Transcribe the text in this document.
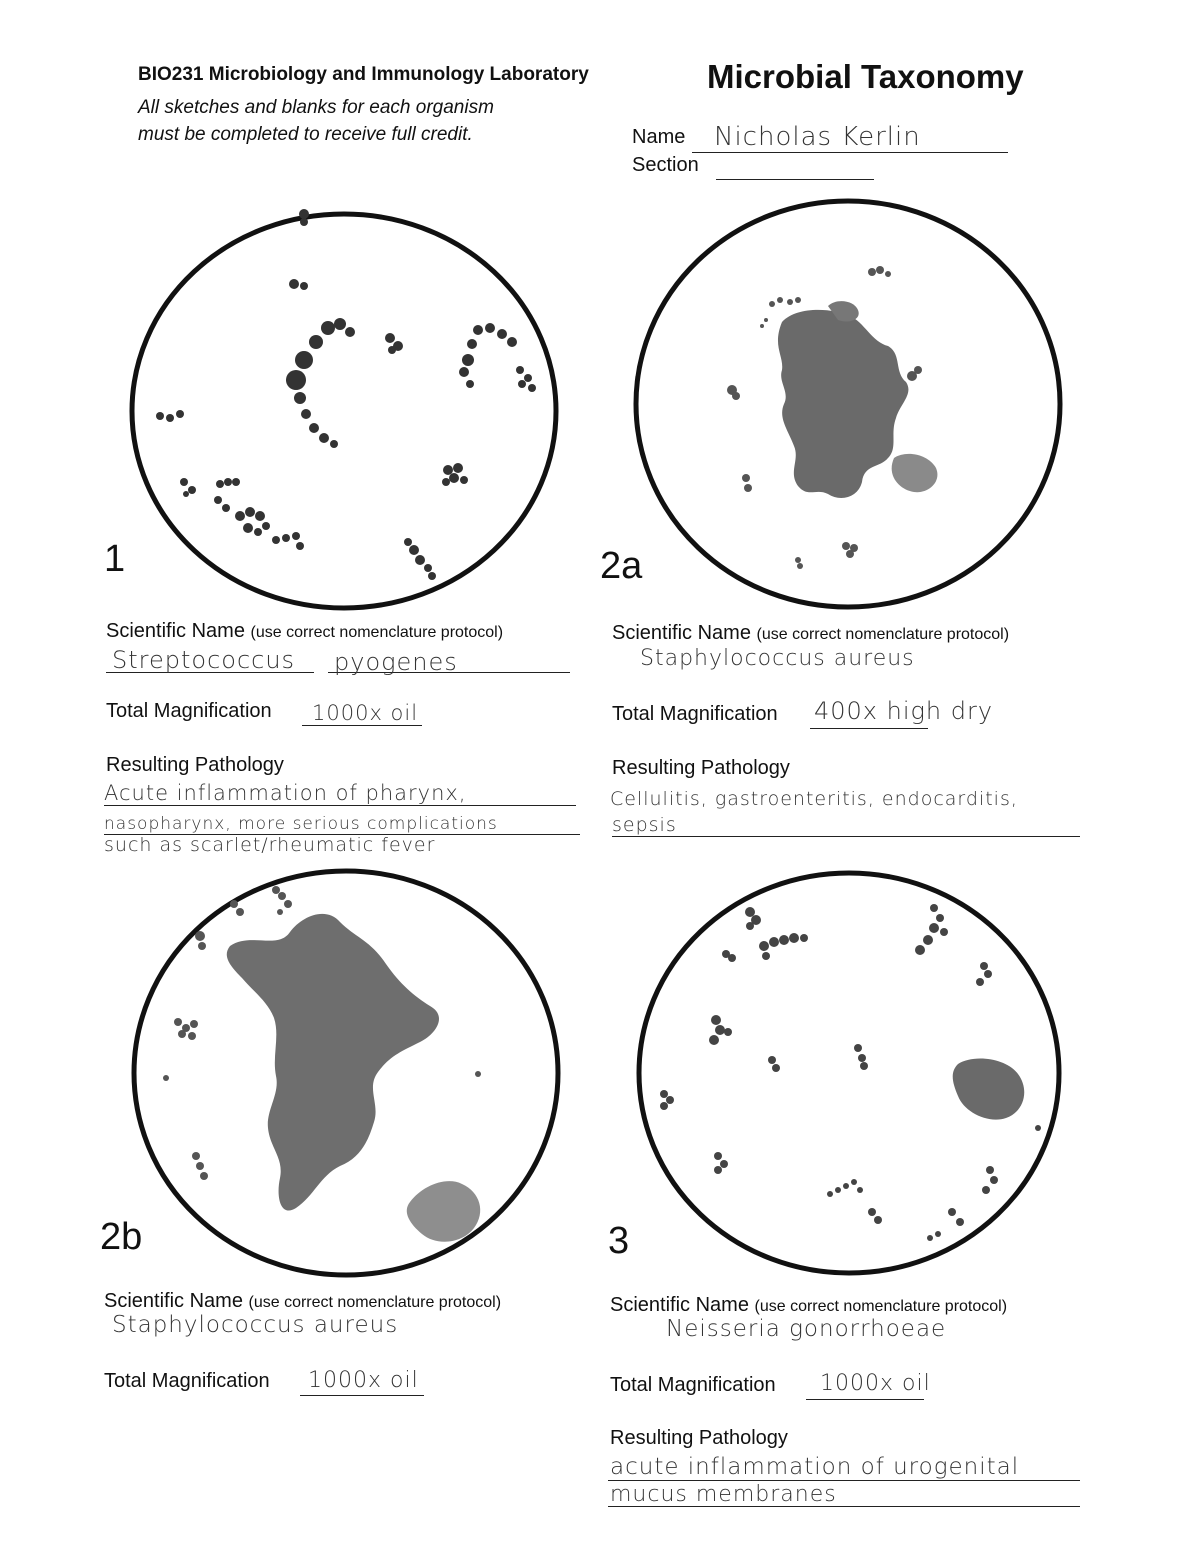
BIO231 Microbiology and Immunology Laboratory	Microbial Taxonomy
All sketches and blanks for each organism
must be completed to receive full credit.	Name Nicholas Kerlin
Section
1
Scientific Name (use correct nomenclature protocol)
Streptococcus pyogenes
Total Magnification 1000x oil
Resulting Pathology
Acute inflammation of pharynx,
nasopharynx, more serious complications
such as scarlet/rheumatic fever
2a
Scientific Name (use correct nomenclature protocol)
Staphylococcus aureus
Total Magnification 400x high dry
Resulting Pathology
Cellulitis, gastroenteritis, endocarditis,
sepsis
2b
Scientific Name (use correct nomenclature protocol)
Staphylococcus aureus
Total Magnification 1000x oil
3
Scientific Name (use correct nomenclature protocol)
Neisseria gonorrhoeae
Total Magnification 1000x oil
Resulting Pathology
acute inflammation of urogenital
mucus membranes
